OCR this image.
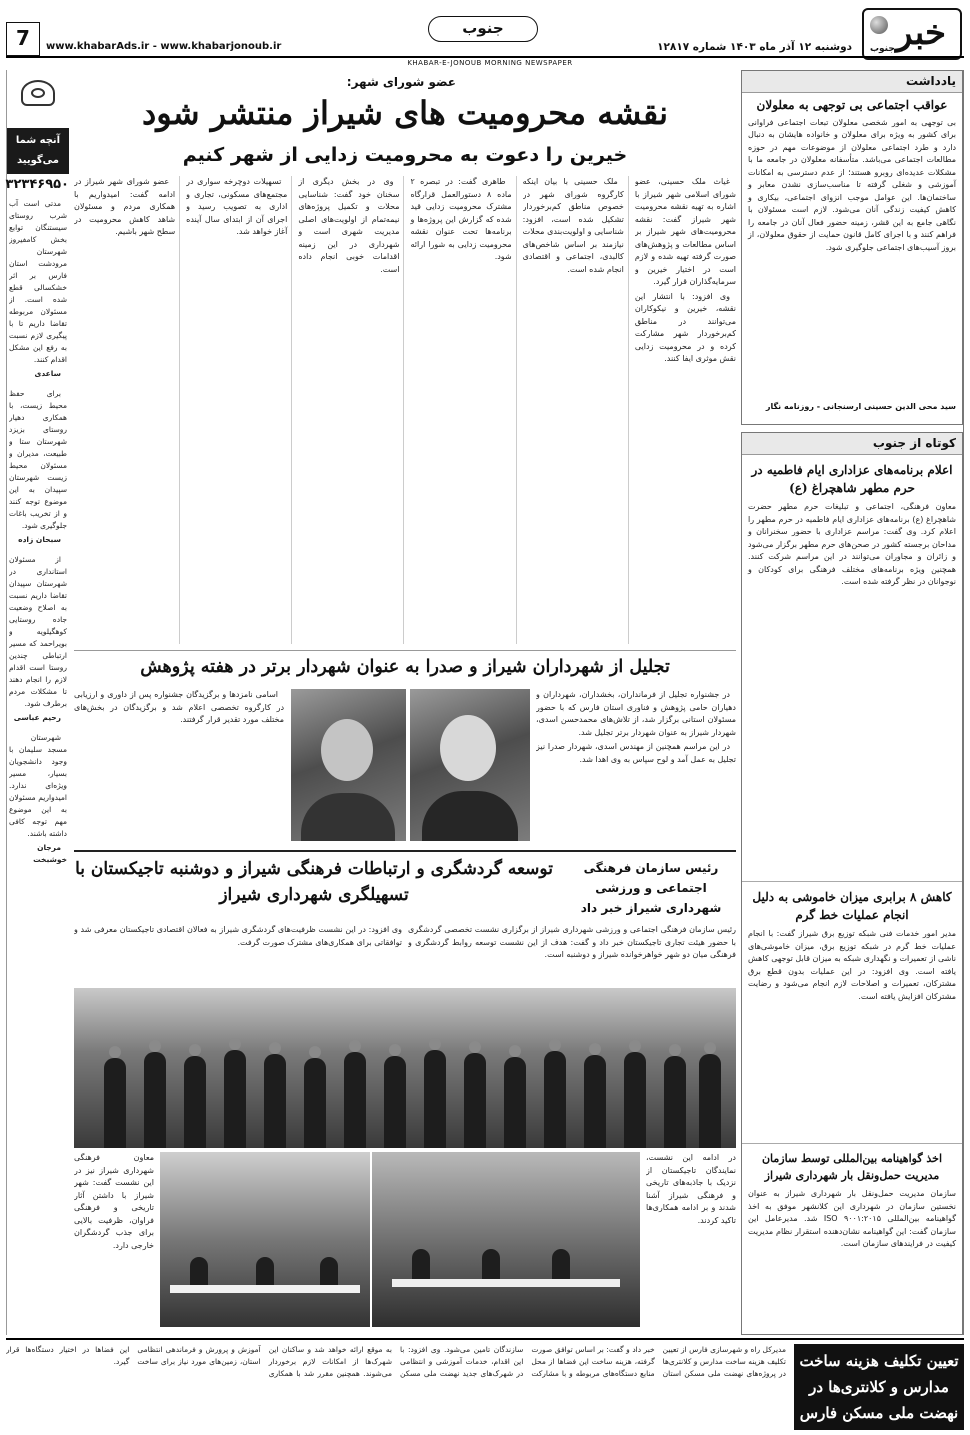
خبر
جنوب
دوشنبه ۱۲ آذر ماه ۱۴۰۳ شماره ۱۲۸۱۷
جنوب
www.khabarAds.ir - www.khabarjonoub.ir
7
KHABAR-E-JONOUB MORNING NEWSPAPER
آنچه شما می‌گویید
۳۲۳۴۶۹۵۰

مدتی است آب شرب روستای سیستنگان توابع بخش کامفیروز شهرستان مرودشت استان فارس بر اثر خشکسالی قطع شده است. از مسئولان مربوطه تقاضا داریم تا با پیگیری لازم نسبت به رفع این مشکل اقدام کنند.

ساعدی

برای حفظ محیط زیست، با همکاری دهیار روستای بزیزد شهرستان ستا و طبیعت، مدیران و مسئولان محیط زیست شهرستان سپیدان به این موضوع توجه کنند و از تخریب باغات جلوگیری شود.

سبحان زاده

از مسئولان استانداری در شهرستان سپیدان تقاضا داریم نسبت به اصلاح وضعیت جاده روستایی کوهگیلویه و بویراحمد که مسیر ارتباطی چندین روستا است اقدام لازم را انجام دهند تا مشکلات مردم برطرف شود.

رحیم عباسی

شهرستان مسجد سلیمان با وجود دانشجویان بسیار، مسیر ویژه‌ای ندارد. امیدواریم مسئولان به این موضوع مهم توجه کافی داشته باشند.

مرجان خوشبخت

یادداشت
عواقب اجتماعی بی توجهی به معلولان
بی توجهی به امور شخصی معلولان تبعات اجتماعی فراوانی برای کشور به ویژه برای معلولان و خانواده هایشان به دنبال دارد و طرد اجتماعی معلولان از موضوعات مهم در حوزه مطالعات اجتماعی می‌باشد. متأسفانه معلولان در جامعه ما با مشکلات عدیده‌ای روبرو هستند؛ از عدم دسترسی به امکانات آموزشی و شغلی گرفته تا مناسب‌سازی نشدن معابر و ساختمان‌ها. این عوامل موجب انزوای اجتماعی، بیکاری و کاهش کیفیت زندگی آنان می‌شود. لازم است مسئولان با نگاهی جامع به این قشر، زمینه حضور فعال آنان در جامعه را فراهم کنند و با اجرای کامل قانون حمایت از حقوق معلولان، از بروز آسیب‌های اجتماعی جلوگیری شود.
سید محی الدین حسینی ارسنجانی - روزنامه نگار
کوتاه از جنوب
اعلام برنامه‌های عزاداری ایام فاطمیه در حرم مطهر شاهچراغ (ع)
معاون فرهنگی، اجتماعی و تبلیغات حرم مطهر حضرت شاهچراغ (ع) برنامه‌های عزاداری ایام فاطمیه در حرم مطهر را اعلام کرد. وی گفت: مراسم عزاداری با حضور سخنرانان و مداحان برجسته کشور در صحن‌های حرم مطهر برگزار می‌شود و زائران و مجاوران می‌توانند در این مراسم شرکت کنند. همچنین ویژه برنامه‌های مختلف فرهنگی برای کودکان و نوجوانان در نظر گرفته شده است.
کاهش ۸ برابری میزان خاموشی به دلیل انجام عملیات خط گرم
مدیر امور خدمات فنی شبکه توزیع برق شیراز گفت: با انجام عملیات خط گرم در شبکه توزیع برق، میزان خاموشی‌های ناشی از تعمیرات و نگهداری شبکه به میزان قابل توجهی کاهش یافته است. وی افزود: در این عملیات بدون قطع برق مشترکان، تعمیرات و اصلاحات لازم انجام می‌شود و رضایت مشترکان افزایش یافته است.
اخذ گواهینامه بین‌المللی توسط سازمان مدیریت حمل‌ونقل بار شهرداری شیراز
سازمان مدیریت حمل‌ونقل بار شهرداری شیراز به عنوان نخستین سازمان در شهرداری این کلانشهر موفق به اخذ گواهینامه بین‌المللی ISO ۹۰۰۱:۲۰۱۵ شد. مدیرعامل این سازمان گفت: این گواهینامه نشان‌دهنده استقرار نظام مدیریت کیفیت در فرایندهای سازمان است.
عضو شورای شهر:
نقشه محرومیت های شیراز منتشر شود
خیرین را دعوت به محرومیت زدایی از شهر کنیم

غیاث ملک حسینی، عضو شورای اسلامی شهر شیراز با اشاره به تهیه نقشه محرومیت شهر شیراز گفت: نقشه محرومیت‌های شهر شیراز بر اساس مطالعات و پژوهش‌های صورت گرفته تهیه شده و لازم است در اختیار خیرین و سرمایه‌گذاران قرار گیرد.

وی افزود: با انتشار این نقشه، خیرین و نیکوکاران می‌توانند در مناطق کم‌برخوردار شهر مشارکت کرده و در محرومیت زدایی نقش موثری ایفا کنند.

ملک حسینی با بیان اینکه کارگروه شورای شهر در خصوص مناطق کم‌برخوردار تشکیل شده است، افزود: شناسایی و اولویت‌بندی محلات نیازمند بر اساس شاخص‌های کالبدی، اجتماعی و اقتصادی انجام شده است.

طاهری گفت: در تبصره ۲ ماده ۸ دستورالعمل قرارگاه مشترک محرومیت زدایی قید شده که گزارش این پروژه‌ها و برنامه‌ها تحت عنوان نقشه محرومیت زدایی به شورا ارائه شود.

وی در بخش دیگری از سخنان خود گفت: شناسایی محلات و تکمیل پروژه‌های نیمه‌تمام از اولویت‌های اصلی مدیریت شهری است و شهرداری در این زمینه اقدامات خوبی انجام داده است.

تسهیلات دوچرخه سواری در مجتمع‌های مسکونی، تجاری و اداری به تصویب رسید و اجرای آن از ابتدای سال آینده آغاز خواهد شد.

عضو شورای شهر شیراز در ادامه گفت: امیدواریم با همکاری مردم و مسئولان شاهد کاهش محرومیت در سطح شهر باشیم.

تجلیل از شهرداران شیراز و صدرا به عنوان شهردار برتر در هفته پژوهش

در جشنواره تجلیل از فرمانداران، بخشداران، شهرداران و دهیاران حامی پژوهش و فناوری استان فارس که با حضور مسئولان استانی برگزار شد، از تلاش‌های محمدحسن اسدی، شهردار شیراز به عنوان شهردار برتر تجلیل شد.

در این مراسم همچنین از مهندس اسدی، شهردار صدرا نیز تجلیل به عمل آمد و لوح سپاس به وی اهدا شد.

اسامی نامزدها و برگزیدگان جشنواره پس از داوری و ارزیابی در کارگروه تخصصی اعلام شد و برگزیدگان در بخش‌های مختلف مورد تقدیر قرار گرفتند.

توسعه گردشگری و ارتباطات فرهنگی شیراز و دوشنبه تاجیکستان با تسهیلگری شهرداری شیراز
رئیس سازمان فرهنگی اجتماعی و ورزشی شهرداری شیراز خبر داد
رئیس سازمان فرهنگی اجتماعی و ورزشی شهرداری شیراز از برگزاری نشست تخصصی گردشگری با حضور هیئت تجاری تاجیکستان خبر داد و گفت: هدف از این نشست توسعه روابط گردشگری و فرهنگی میان دو شهر خواهرخوانده شیراز و دوشنبه است.
وی افزود: در این نشست ظرفیت‌های گردشگری شیراز به فعالان اقتصادی تاجیکستان معرفی شد و توافقاتی برای همکاری‌های مشترک صورت گرفت.
در ادامه این نشست، نمایندگان تاجیکستان از نزدیک با جاذبه‌های تاریخی و فرهنگی شیراز آشنا شدند و بر ادامه همکاری‌ها تاکید کردند.
معاون فرهنگی شهرداری شیراز نیز در این نشست گفت: شهر شیراز با داشتن آثار تاریخی و فرهنگی فراوان، ظرفیت بالایی برای جذب گردشگران خارجی دارد.
تعیین تکلیف هزینه ساخت مدارس و کلانتری‌ها در نهضت ملی مسکن فارس
مدیرکل راه و شهرسازی فارس از تعیین تکلیف هزینه ساخت مدارس و کلانتری‌ها در پروژه‌های نهضت ملی مسکن استان خبر داد و گفت: بر اساس توافق صورت گرفته، هزینه ساخت این فضاها از محل منابع دستگاه‌های مربوطه و با مشارکت سازندگان تامین می‌شود. وی افزود: با این اقدام، خدمات آموزشی و انتظامی در شهرک‌های جدید نهضت ملی مسکن به موقع ارائه خواهد شد و ساکنان این شهرک‌ها از امکانات لازم برخوردار می‌شوند. همچنین مقرر شد با همکاری آموزش و پرورش و فرماندهی انتظامی استان، زمین‌های مورد نیاز برای ساخت این فضاها در اختیار دستگاه‌ها قرار گیرد.
